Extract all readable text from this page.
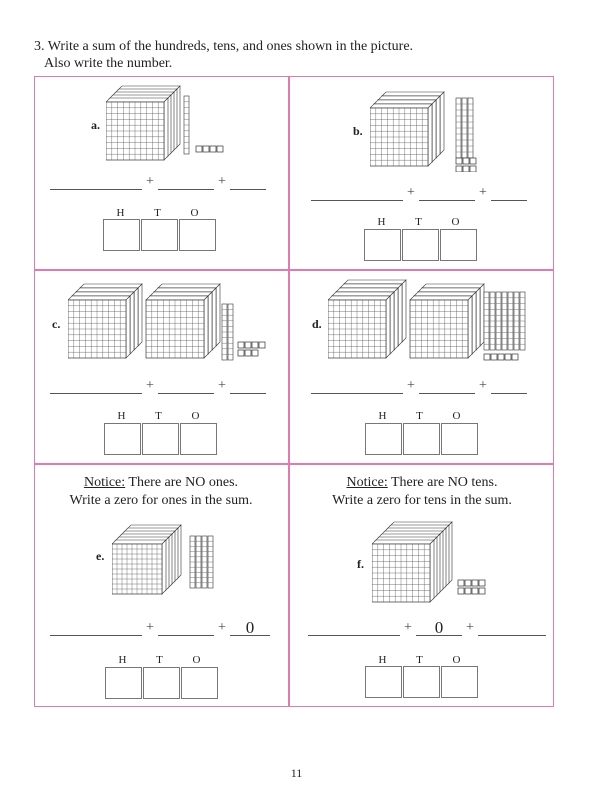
3. Write a sum of the hundreds, tens, and ones shown in the picture.
Also write the number.
a.
+	+
H	T	O
b.
+	+
H	T	O
c.
+	+
H	T	O
d.
+	+
H	T	O
Notice: There are NO ones.
Write a zero for ones in the sum.
e.
+	+ 0
H	T	O
Notice: There are NO tens.
Write a zero for tens in the sum.
f.
+ 0 +
H	T	O
11
